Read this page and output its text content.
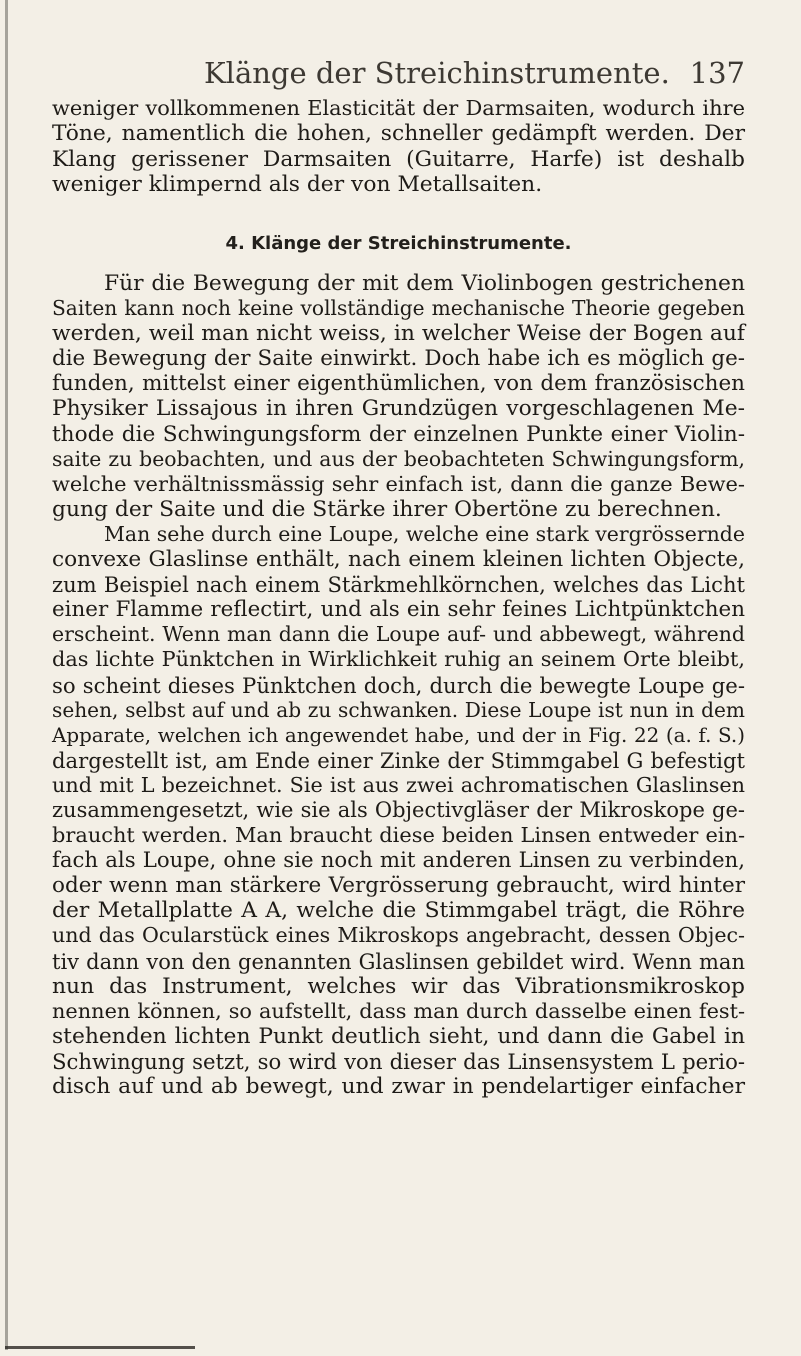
Klänge der Streichinstrumente. 137
weniger vollkommenen Elasticität der Darmsaiten, wodurch ihre
Töne, namentlich die hohen, schneller gedämpft werden. Der
Klang gerissener Darmsaiten (Guitarre, Harfe) ist deshalb
weniger klimpernd als der von Metallsaiten.
4. Klänge der Streichinstrumente.
Für die Bewegung der mit dem Violinbogen gestrichenen
Saiten kann noch keine vollständige mechanische Theorie gegeben
werden, weil man nicht weiss, in welcher Weise der Bogen auf
die Bewegung der Saite einwirkt. Doch habe ich es möglich ge-
funden, mittelst einer eigenthümlichen, von dem französischen
Physiker Lissajous in ihren Grundzügen vorgeschlagenen Me-
thode die Schwingungsform der einzelnen Punkte einer Violin-
saite zu beobachten, und aus der beobachteten Schwingungsform,
welche verhältnissmässig sehr einfach ist, dann die ganze Bewe-
gung der Saite und die Stärke ihrer Obertöne zu berechnen.
Man sehe durch eine Loupe, welche eine stark vergrössernde
convexe Glaslinse enthält, nach einem kleinen lichten Objecte,
zum Beispiel nach einem Stärkmehlkörnchen, welches das Licht
einer Flamme reflectirt, und als ein sehr feines Lichtpünktchen
erscheint. Wenn man dann die Loupe auf- und abbewegt, während
das lichte Pünktchen in Wirklichkeit ruhig an seinem Orte bleibt,
so scheint dieses Pünktchen doch, durch die bewegte Loupe ge-
sehen, selbst auf und ab zu schwanken. Diese Loupe ist nun in dem
Apparate, welchen ich angewendet habe, und der in Fig. 22 (a. f. S.)
dargestellt ist, am Ende einer Zinke der Stimmgabel G befestigt
und mit L bezeichnet. Sie ist aus zwei achromatischen Glaslinsen
zusammengesetzt, wie sie als Objectivgläser der Mikroskope ge-
braucht werden. Man braucht diese beiden Linsen entweder ein-
fach als Loupe, ohne sie noch mit anderen Linsen zu verbinden,
oder wenn man stärkere Vergrösserung gebraucht, wird hinter
der Metallplatte A A, welche die Stimmgabel trägt, die Röhre
und das Ocularstück eines Mikroskops angebracht, dessen Objec-
tiv dann von den genannten Glaslinsen gebildet wird. Wenn man
nun das Instrument, welches wir das Vibrationsmikroskop
nennen können, so aufstellt, dass man durch dasselbe einen fest-
stehenden lichten Punkt deutlich sieht, und dann die Gabel in
Schwingung setzt, so wird von dieser das Linsensystem L perio-
disch auf und ab bewegt, und zwar in pendelartiger einfacher
